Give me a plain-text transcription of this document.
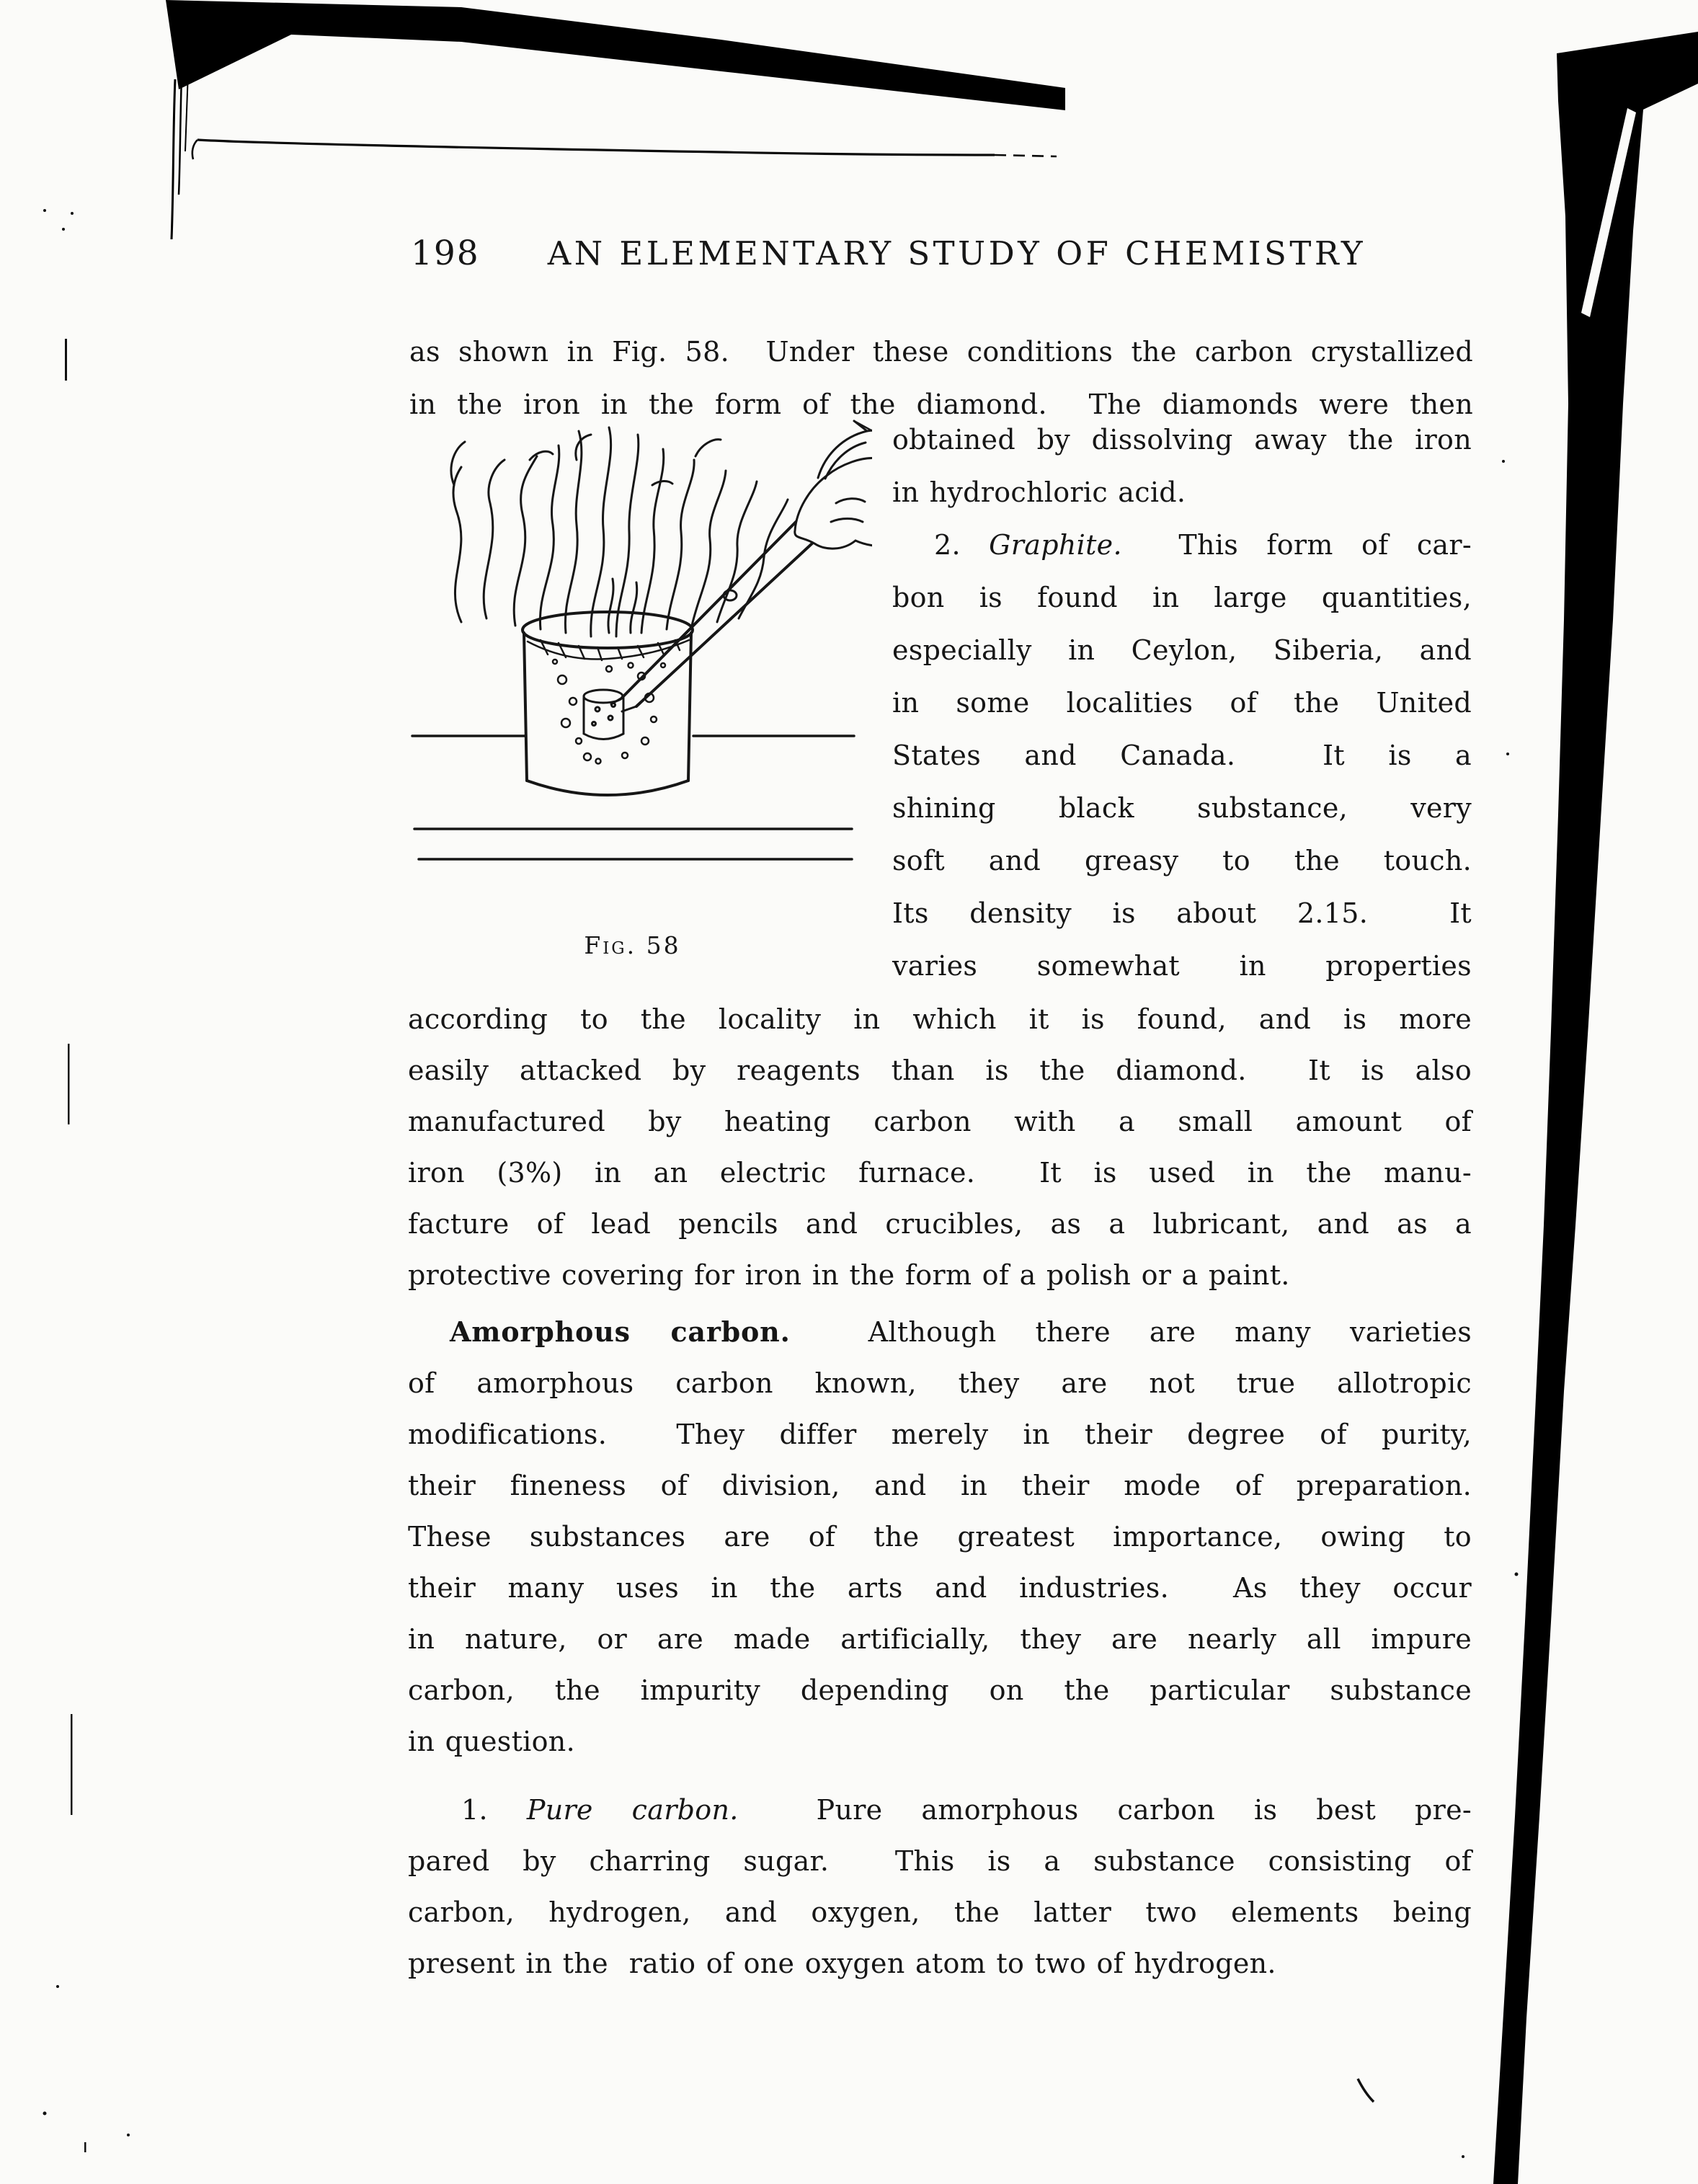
198 AN ELEMENTARY STUDY OF CHEMISTRY
as shown in Fig. 58.  Under these conditions the carbon crystallized
in the iron in the form of the diamond.  The diamonds were then
Fig. 58
obtained by dissolving away the iron
in hydrochloric acid.
2. Graphite.  This form of car-
bon is found in large quantities,
especially in Ceylon, Siberia, and
in some localities of the United
States and Canada.  It is a
shining black substance, very
soft and greasy to the touch.
Its density is about 2.15.  It
varies somewhat in properties
according to the locality in which it is found, and is more
easily attacked by reagents than is the diamond.  It is also
manufactured by heating carbon with a small amount of
iron (3%) in an electric furnace.  It is used in the manu-
facture of lead pencils and crucibles, as a lubricant, and as a
protective covering for iron in the form of a polish or a paint.
Amorphous carbon.  Although there are many varieties
of amorphous carbon known, they are not true allotropic
modifications.  They differ merely in their degree of purity,
their fineness of division, and in their mode of preparation.
These substances are of the greatest importance, owing to
their many uses in the arts and industries.  As they occur
in nature, or are made artificially, they are nearly all impure
carbon, the impurity depending on the particular substance
in question.
1. Pure carbon.  Pure amorphous carbon is best pre-
pared by charring sugar.  This is a substance consisting of
carbon, hydrogen, and oxygen, the latter two elements being
present in the  ratio of one oxygen atom to two of hydrogen.
